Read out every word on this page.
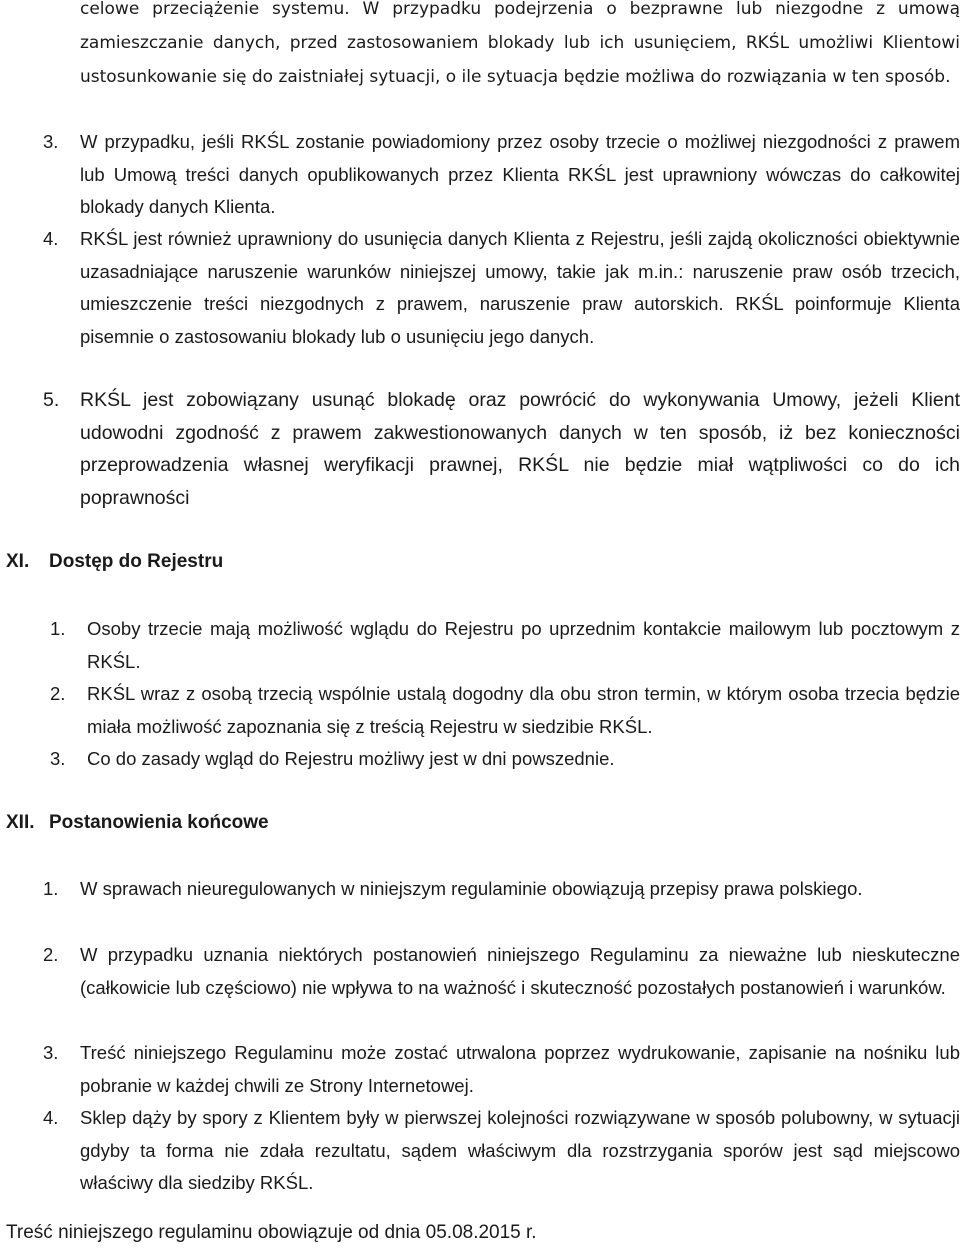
celowe przeciążenie systemu. W przypadku podejrzenia o bezprawne lub niezgodne z umową zamieszczanie danych, przed zastosowaniem blokady lub ich usunięciem, RKŚL umożliwi Klientowi ustosunkowanie się do zaistniałej sytuacji, o ile sytuacja będzie możliwa do rozwiązania w ten sposób.

3. W przypadku, jeśli RKŚL zostanie powiadomiony przez osoby trzecie o możliwej niezgodności z prawem lub Umową treści danych opublikowanych przez Klienta RKŚL jest uprawniony wówczas do całkowitej blokady danych Klienta.
4. RKŚL jest również uprawniony do usunięcia danych Klienta z Rejestru, jeśli zajdą okoliczności obiektywnie uzasadniające naruszenie warunków niniejszej umowy, takie jak m.in.: naruszenie praw osób trzecich, umieszczenie treści niezgodnych z prawem, naruszenie praw autorskich. RKŚL poinformuje Klienta pisemnie o zastosowaniu blokady lub o usunięciu jego danych.
5. RKŚL jest zobowiązany usunąć blokadę oraz powrócić do wykonywania Umowy, jeżeli Klient udowodni zgodność z prawem zakwestionowanych danych w ten sposób, iż bez konieczności przeprowadzenia własnej weryfikacji prawnej, RKŚL nie będzie miał wątpliwości co do ich poprawności
XI. Dostęp do Rejestru
1. Osoby trzecie mają możliwość wglądu do Rejestru po uprzednim kontakcie mailowym lub pocztowym z RKŚL.
2. RKŚL wraz z osobą trzecią wspólnie ustalą dogodny dla obu stron termin, w którym osoba trzecia będzie miała możliwość zapoznania się z treścią Rejestru w siedzibie RKŚL.
3. Co do zasady wgląd do Rejestru możliwy jest w dni powszednie.
XII. Postanowienia końcowe
1. W sprawach nieuregulowanych w niniejszym regulaminie obowiązują przepisy prawa polskiego.
2. W przypadku uznania niektórych postanowień niniejszego Regulaminu za nieważne lub nieskuteczne (całkowicie lub częściowo) nie wpływa to na ważność i skuteczność pozostałych postanowień i warunków.
3. Treść niniejszego Regulaminu może zostać utrwalona poprzez wydrukowanie, zapisanie na nośniku lub pobranie w każdej chwili ze Strony Internetowej.
4. Sklep dąży by spory z Klientem były w pierwszej kolejności rozwiązywane w sposób polubowny, w sytuacji gdyby ta forma nie zdała rezultatu, sądem właściwym dla rozstrzygania sporów jest sąd miejscowo właściwy dla siedziby RKŚL.

Treść niniejszego regulaminu obowiązuje od dnia 05.08.2015 r.
